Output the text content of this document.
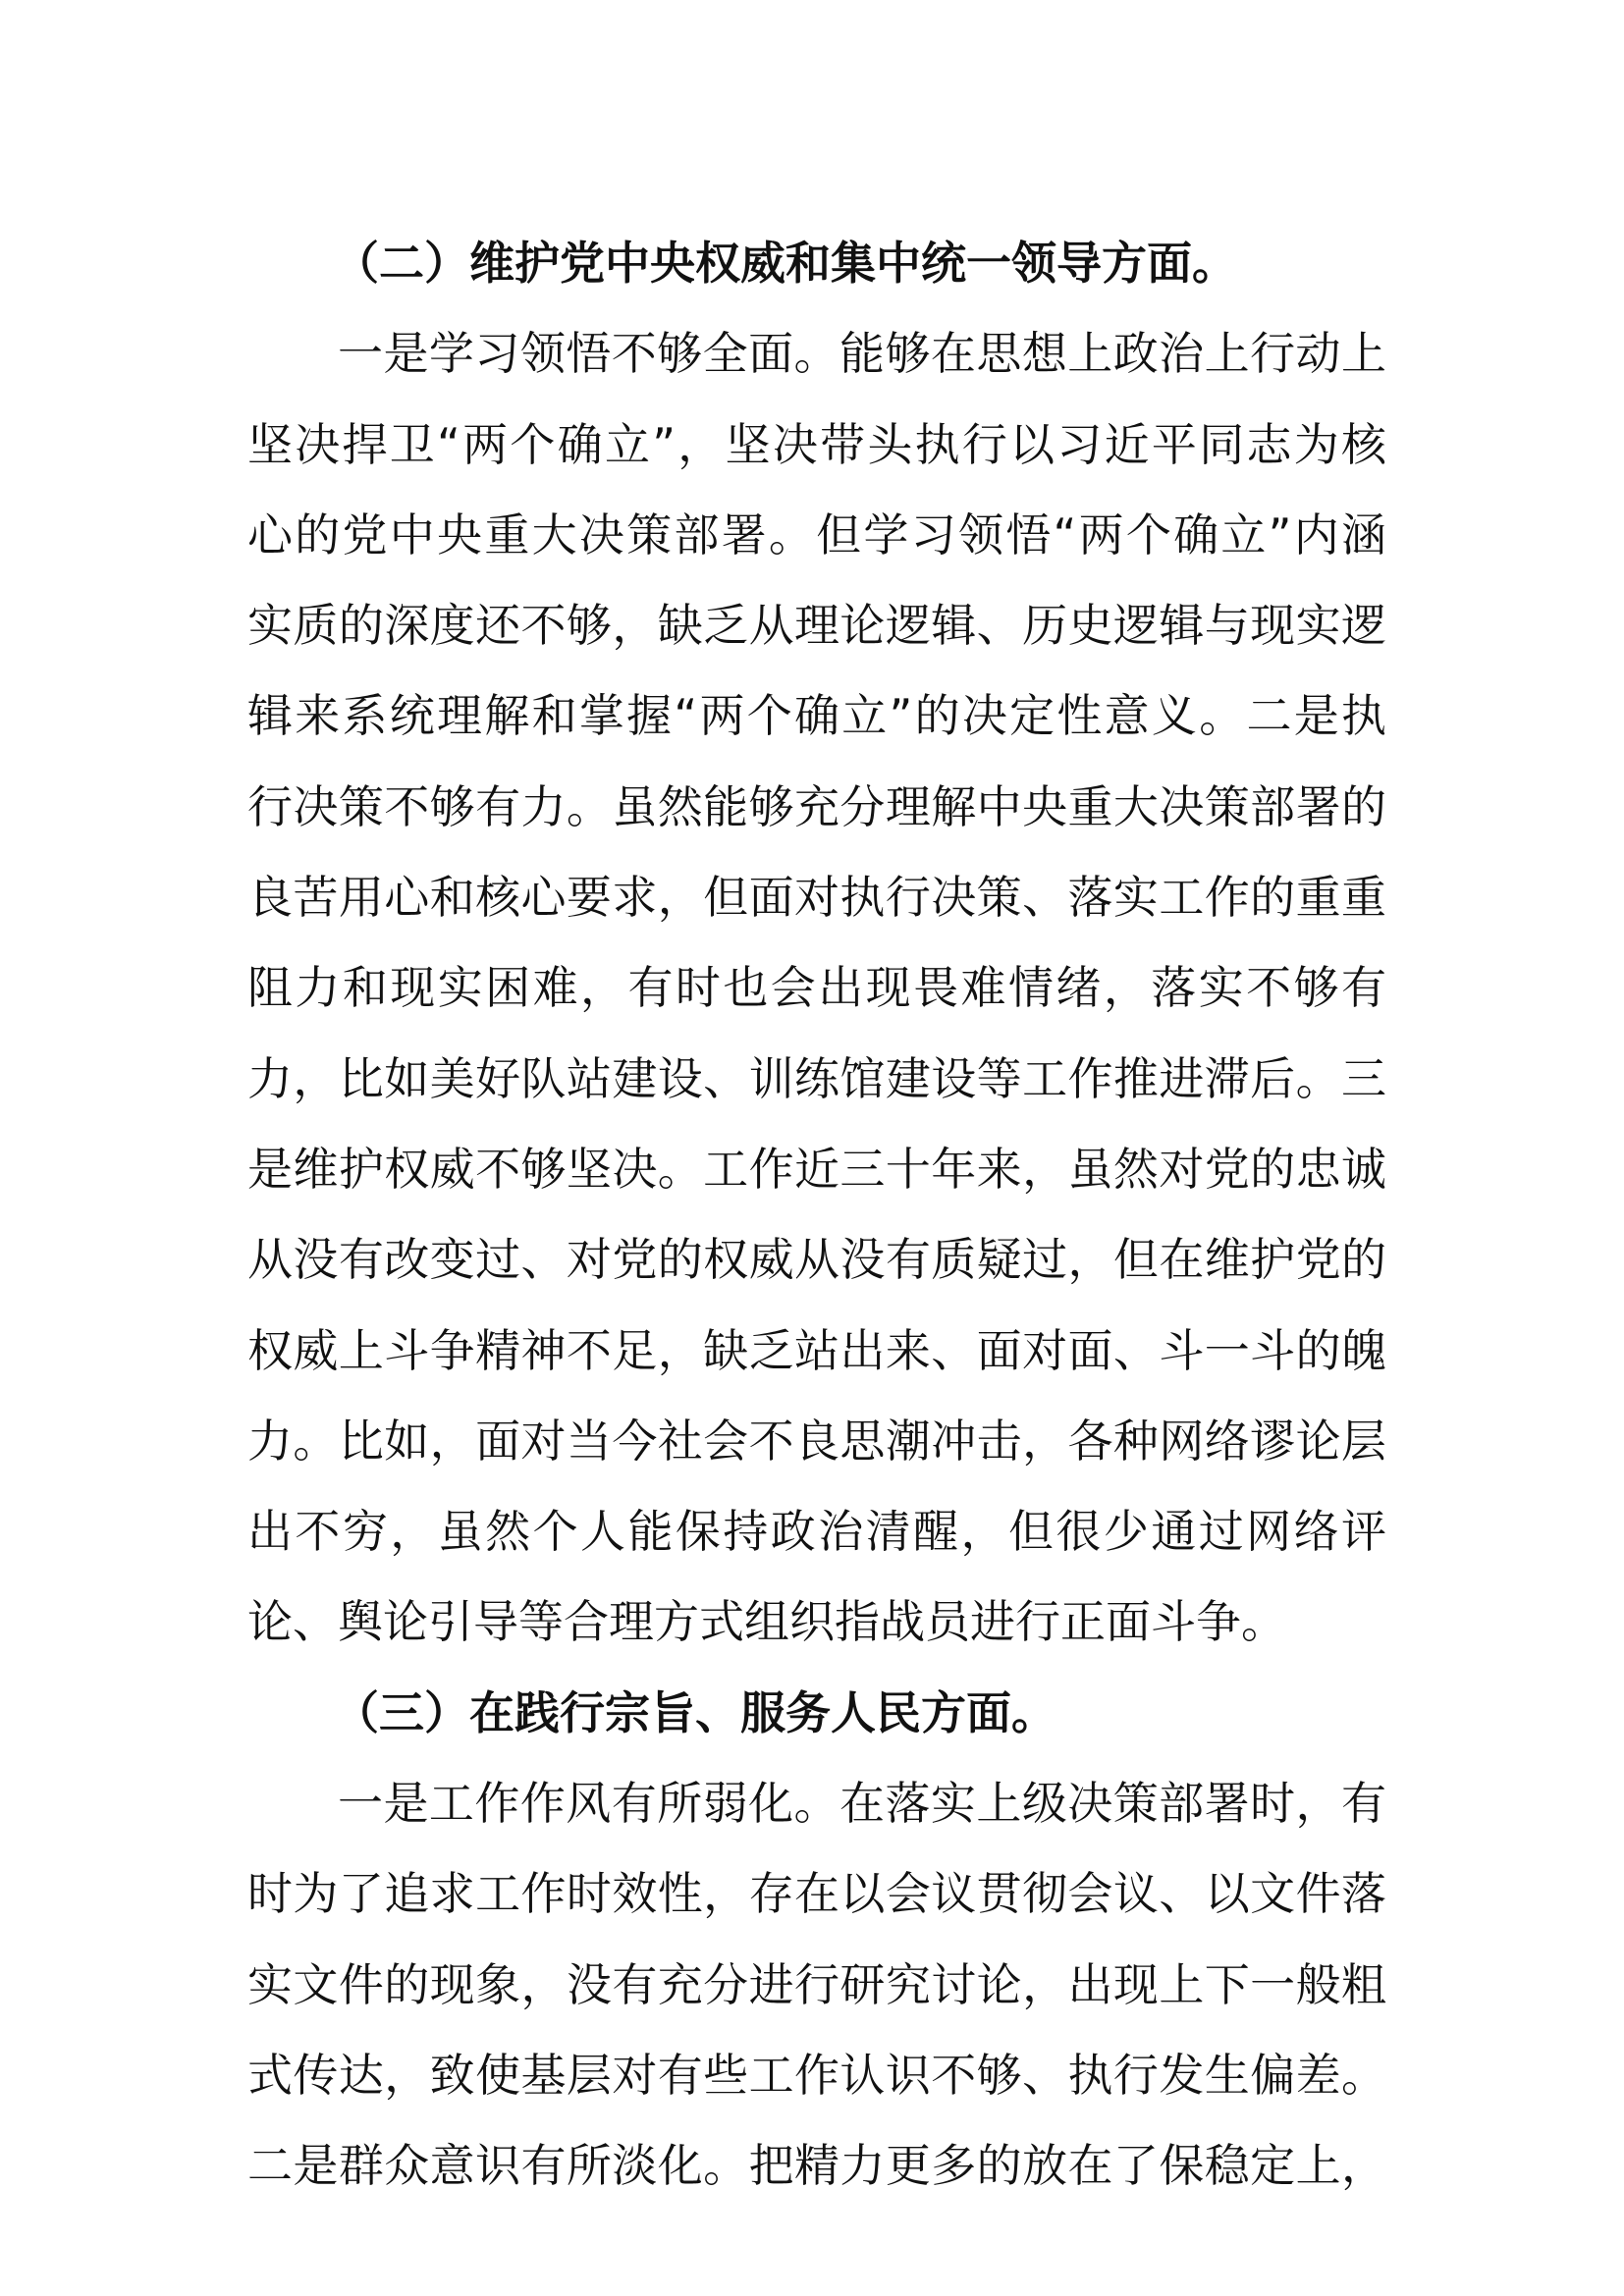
（二）维护党中央权威和集中统一领导方面。
一是学习领悟不够全面。能够在思想上政治上行动上
坚决捍卫“两个确立”，坚决带头执行以习近平同志为核
心的党中央重大决策部署。但学习领悟“两个确立”内涵
实质的深度还不够，缺乏从理论逻辑、历史逻辑与现实逻
辑来系统理解和掌握“两个确立”的决定性意义。二是执
行决策不够有力。虽然能够充分理解中央重大决策部署的
良苦用心和核心要求，但面对执行决策、落实工作的重重
阻力和现实困难，有时也会出现畏难情绪，落实不够有
力，比如美好队站建设、训练馆建设等工作推进滞后。三
是维护权威不够坚决。工作近三十年来，虽然对党的忠诚
从没有改变过、对党的权威从没有质疑过，但在维护党的
权威上斗争精神不足，缺乏站出来、面对面、斗一斗的魄
力。比如，面对当今社会不良思潮冲击，各种网络谬论层
出不穷，虽然个人能保持政治清醒，但很少通过网络评
论、舆论引导等合理方式组织指战员进行正面斗争。
（三）在践行宗旨、服务人民方面。
一是工作作风有所弱化。在落实上级决策部署时，有
时为了追求工作时效性，存在以会议贯彻会议、以文件落
实文件的现象，没有充分进行研究讨论，出现上下一般粗
式传达，致使基层对有些工作认识不够、执行发生偏差。
二是群众意识有所淡化。把精力更多的放在了保稳定上，
